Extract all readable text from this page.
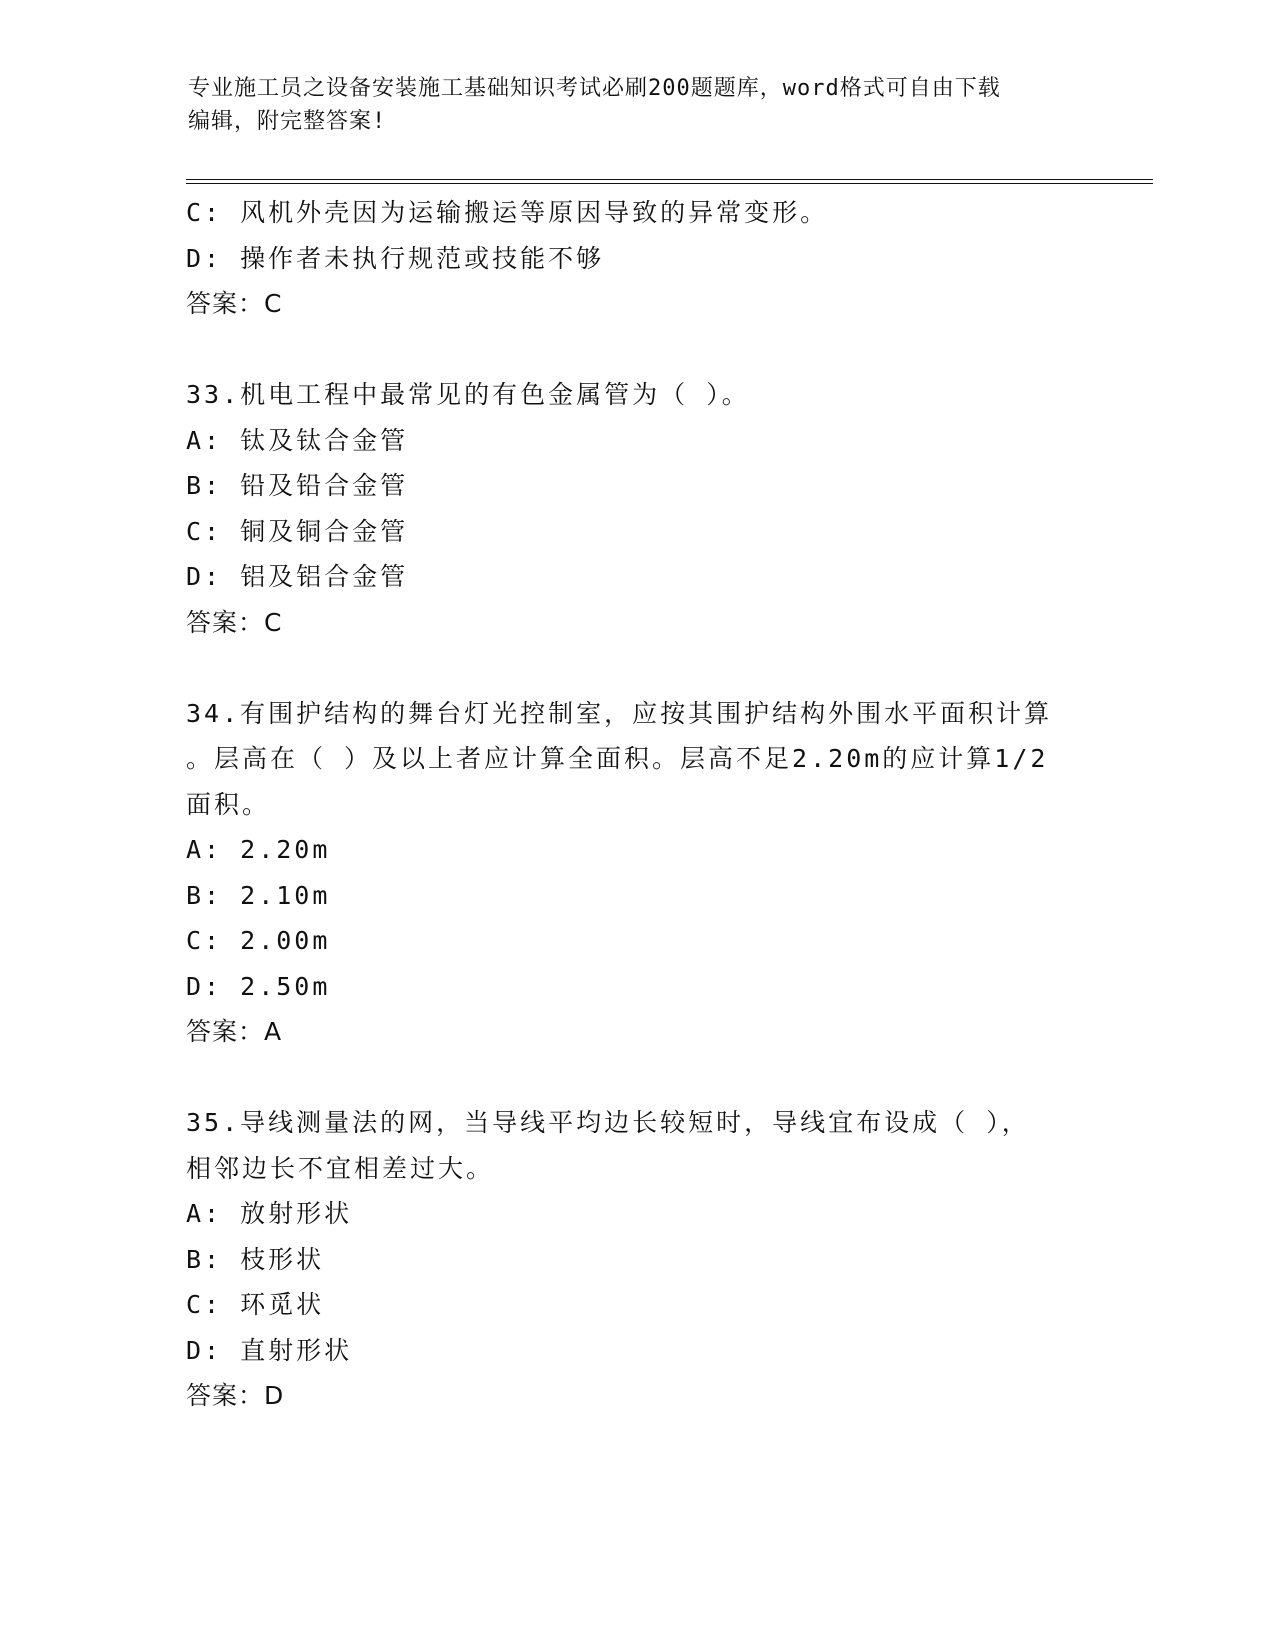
专业施工员之设备安装施工基础知识考试必刷200题题库，word格式可自由下载
编辑，附完整答案!
C: 风机外壳因为运输搬运等原因导致的异常变形。
D: 操作者未执行规范或技能不够
答案：C
33.机电工程中最常见的有色金属管为（ ）。
A: 钛及钛合金管
B: 铅及铅合金管
C: 铜及铜合金管
D: 铝及铝合金管
答案：C
34.有围护结构的舞台灯光控制室，应按其围护结构外围水平面积计算
。层高在（ ）及以上者应计算全面积。层高不足2.20m的应计算1/2
面积。
A: 2.20m
B: 2.10m
C: 2.00m
D: 2.50m
答案：A
35.导线测量法的网，当导线平均边长较短时，导线宜布设成（ ），
相邻边长不宜相差过大。
A: 放射形状
B: 枝形状
C: 环觅状
D: 直射形状
答案：D
